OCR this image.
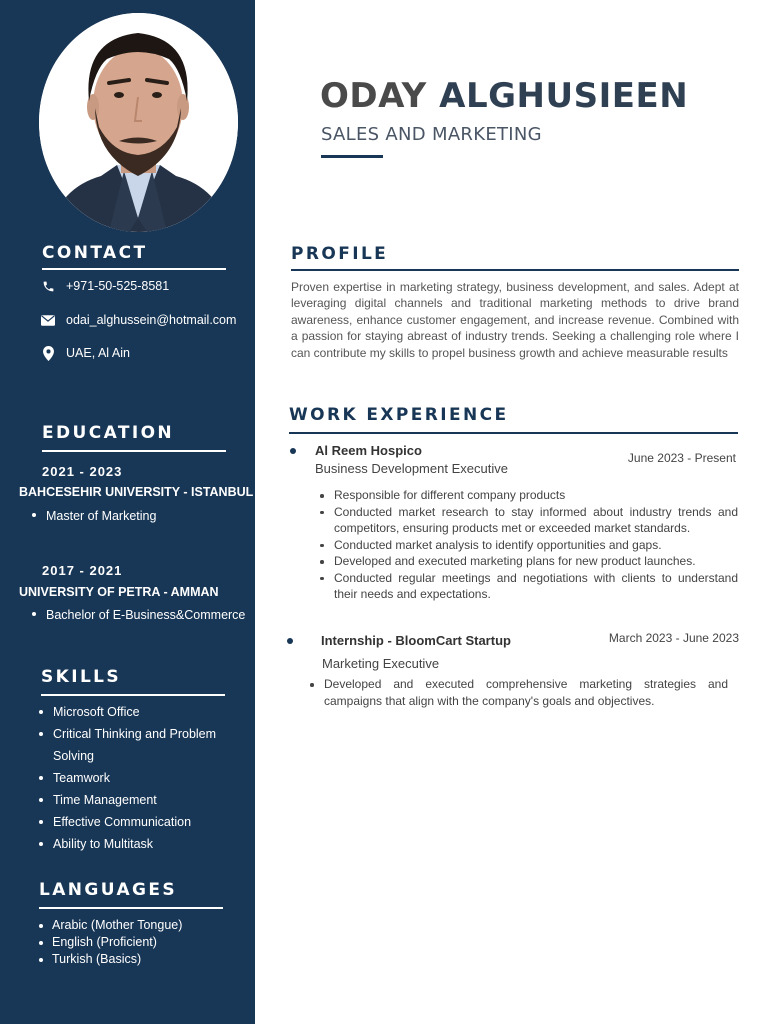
CONTACT
+971-50-525-8581
odai_alghussein@hotmail.com
UAE, Al Ain
EDUCATION
2021 - 2023
BAHCESEHIR UNIVERSITY - ISTANBUL
Master of Marketing
2017 - 2021
UNIVERSITY OF PETRA - AMMAN
Bachelor of E-Business&Commerce
SKILLS
Microsoft Office
Critical Thinking and Problem Solving
Teamwork
Time Management
Effective Communication
Ability to Multitask
LANGUAGES
Arabic (Mother Tongue)
English (Proficient)
Turkish (Basics)
ODAY ALGHUSIEEN
SALES AND MARKETING
PROFILE

Proven expertise in marketing strategy, business development, and sales. Adept at leveraging digital channels and traditional marketing methods to drive brand awareness, enhance customer engagement, and increase revenue. Combined with a passion for staying abreast of industry trends. Seeking a challenging role where I can contribute my skills to propel business growth and achieve measurable results

WORK EXPERIENCE
Al Reem Hospico	June 2023 - Present
Business Development Executive
Responsible for different company products
Conducted market research to stay informed about industry trends and competitors, ensuring products met or exceeded market standards.
Conducted market analysis to identify opportunities and gaps.
Developed and executed marketing plans for new product launches.
Conducted regular meetings and negotiations with clients to understand their needs and expectations.
Internship - BloomCart Startup	March 2023 - June 2023
Marketing Executive
Developed and executed comprehensive marketing strategies and campaigns that align with the company's goals and objectives.
